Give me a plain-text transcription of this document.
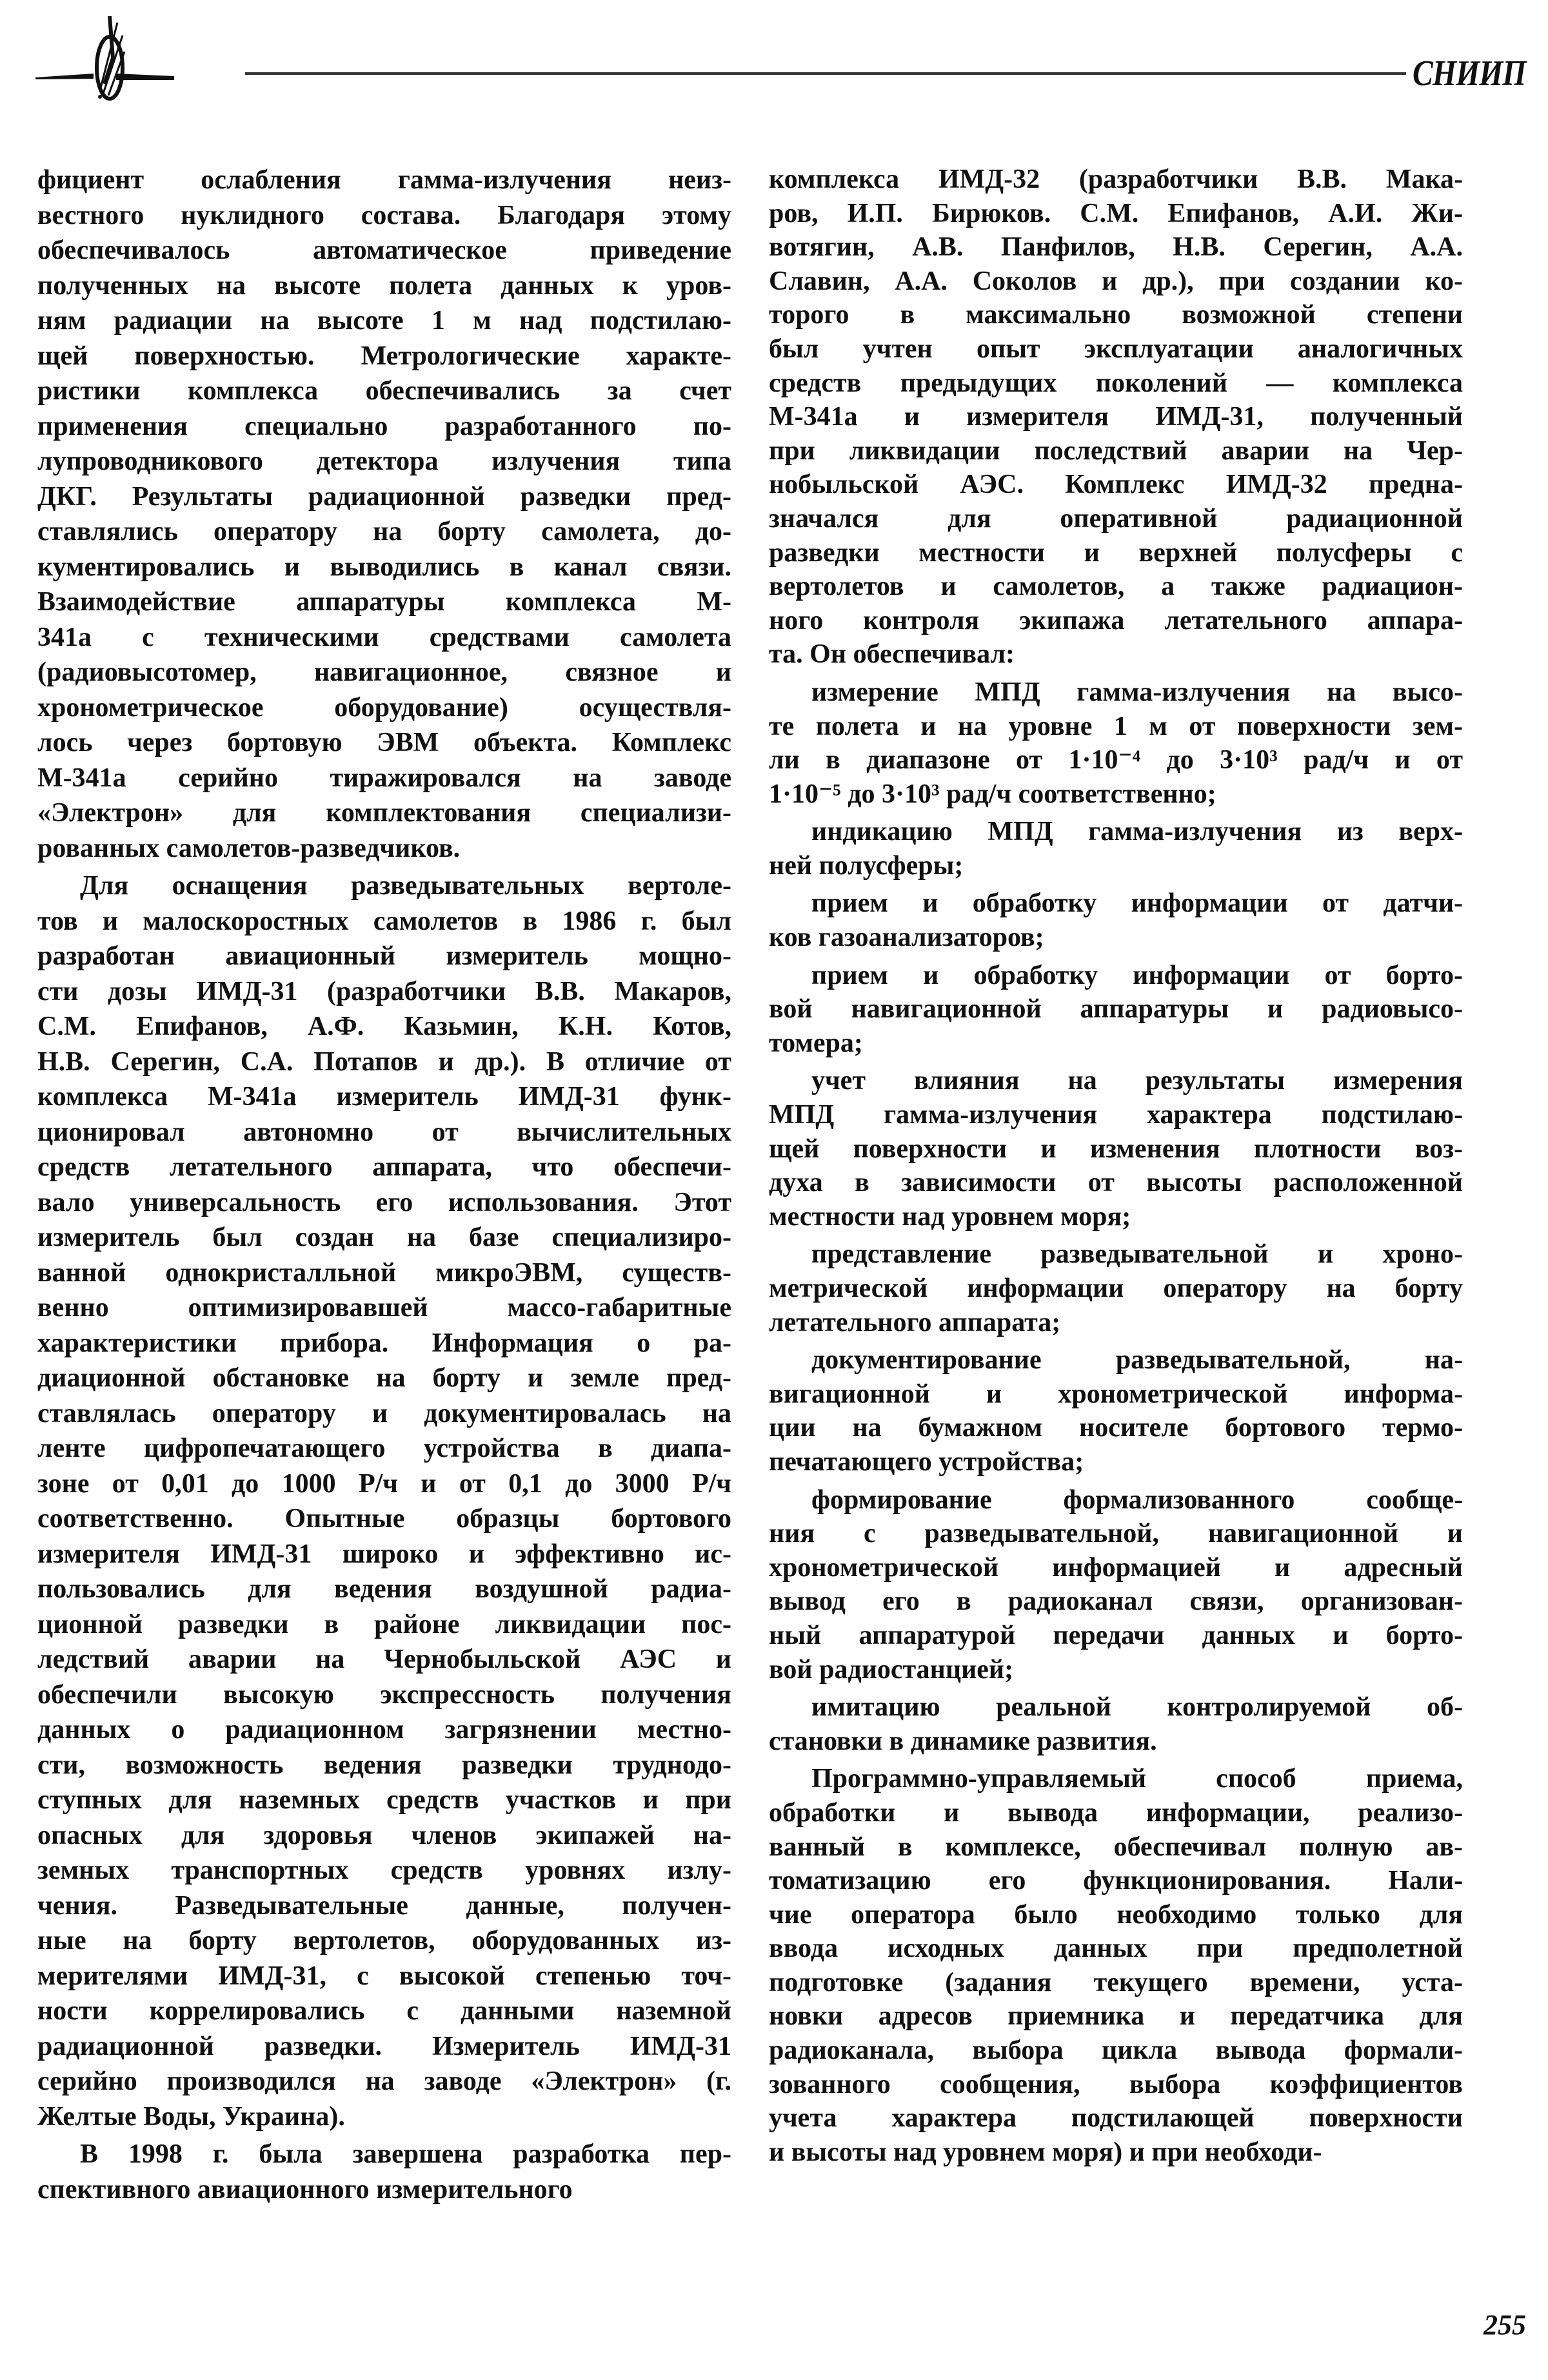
СНИИП
фициент ослабления гамма-излучения неиз-
вестного нуклидного состава. Благодаря этому
обеспечивалось автоматическое приведение
полученных на высоте полета данных к уров-
ням радиации на высоте 1 м над подстилаю-
щей поверхностью. Метрологические характе-
ристики комплекса обеспечивались за счет
применения специально разработанного по-
лупроводникового детектора излучения типа
ДКГ. Результаты радиационной разведки пред-
ставлялись оператору на борту самолета, до-
кументировались и выводились в канал связи.
Взаимодействие аппаратуры комплекса М-
341а с техническими средствами самолета
(радиовысотомер, навигационное, связное и
хронометрическое оборудование) осуществля-
лось через бортовую ЭВМ объекта. Комплекс
М-341а серийно тиражировался на заводе
«Электрон» для комплектования специализи-
рованных самолетов-разведчиков.
Для оснащения разведывательных вертоле-
тов и малоскоростных самолетов в 1986 г. был
разработан авиационный измеритель мощно-
сти дозы ИМД-31 (разработчики В.В. Макаров,
С.М. Епифанов, А.Ф. Казьмин, К.Н. Котов,
Н.В. Серегин, С.А. Потапов и др.). В отличие от
комплекса М-341а измеритель ИМД-31 функ-
ционировал автономно от вычислительных
средств летательного аппарата, что обеспечи-
вало универсальность его использования. Этот
измеритель был создан на базе специализиро-
ванной однокристалльной микроЭВМ, существ-
венно оптимизировавшей массо-габаритные
характеристики прибора. Информация о ра-
диационной обстановке на борту и земле пред-
ставлялась оператору и документировалась на
ленте цифропечатающего устройства в диапа-
зоне от 0,01 до 1000 Р/ч и от 0,1 до 3000 Р/ч
соответственно. Опытные образцы бортового
измерителя ИМД-31 широко и эффективно ис-
пользовались для ведения воздушной радиа-
ционной разведки в районе ликвидации пос-
ледствий аварии на Чернобыльской АЭС и
обеспечили высокую экспрессность получения
данных о радиационном загрязнении местно-
сти, возможность ведения разведки труднодо-
ступных для наземных средств участков и при
опасных для здоровья членов экипажей на-
земных транспортных средств уровнях излу-
чения. Разведывательные данные, получен-
ные на борту вертолетов, оборудованных из-
мерителями ИМД-31, с высокой степенью точ-
ности коррелировались с данными наземной
радиационной разведки. Измеритель ИМД-31
серийно производился на заводе «Электрон» (г.
Желтые Воды, Украина).
В 1998 г. была завершена разработка пер-
спективного авиационного измерительного
комплекса ИМД-32 (разработчики В.В. Мака-
ров, И.П. Бирюков. С.М. Епифанов, А.И. Жи-
вотягин, А.В. Панфилов, Н.В. Серегин, А.А.
Славин, А.А. Соколов и др.), при создании ко-
торого в максимально возможной степени
был учтен опыт эксплуатации аналогичных
средств предыдущих поколений — комплекса
М-341а и измерителя ИМД-31, полученный
при ликвидации последствий аварии на Чер-
нобыльской АЭС. Комплекс ИМД-32 предна-
значался для оперативной радиационной
разведки местности и верхней полусферы с
вертолетов и самолетов, а также радиацион-
ного контроля экипажа летательного аппара-
та. Он обеспечивал:
измерение МПД гамма-излучения на высо-
те полета и на уровне 1 м от поверхности зем-
ли в диапазоне от 1·10⁻⁴ до 3·10³ рад/ч и от
1·10⁻⁵ до 3·10³ рад/ч соответственно;
индикацию МПД гамма-излучения из верх-
ней полусферы;
прием и обработку информации от датчи-
ков газоанализаторов;
прием и обработку информации от борто-
вой навигационной аппаратуры и радиовысо-
томера;
учет влияния на результаты измерения
МПД гамма-излучения характера подстилаю-
щей поверхности и изменения плотности воз-
духа в зависимости от высоты расположенной
местности над уровнем моря;
представление разведывательной и хроно-
метрической информации оператору на борту
летательного аппарата;
документирование разведывательной, на-
вигационной и хронометрической информа-
ции на бумажном носителе бортового термо-
печатающего устройства;
формирование формализованного сообще-
ния с разведывательной, навигационной и
хронометрической информацией и адресный
вывод его в радиоканал связи, организован-
ный аппаратурой передачи данных и борто-
вой радиостанцией;
имитацию реальной контролируемой об-
становки в динамике развития.
Программно-управляемый способ приема,
обработки и вывода информации, реализо-
ванный в комплексе, обеспечивал полную ав-
томатизацию его функционирования. Нали-
чие оператора было необходимо только для
ввода исходных данных при предполетной
подготовке (задания текущего времени, уста-
новки адресов приемника и передатчика для
радиоканала, выбора цикла вывода формали-
зованного сообщения, выбора коэффициентов
учета характера подстилающей поверхности
и высоты над уровнем моря) и при необходи-
255
